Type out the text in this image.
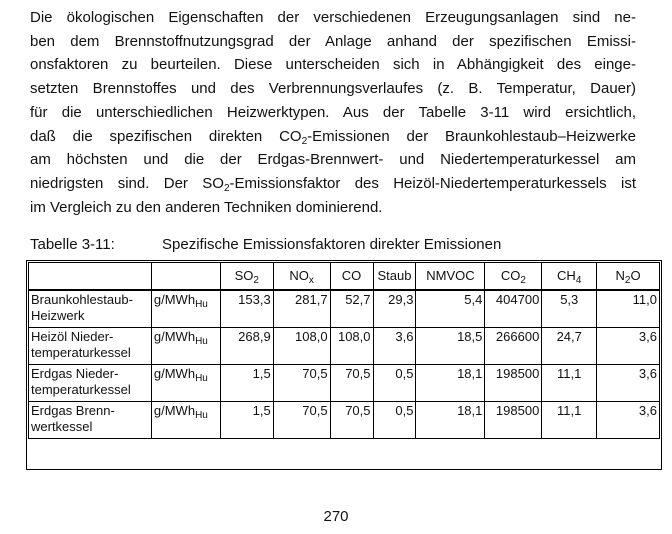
Die ökologischen Eigenschaften der verschiedenen Erzeugungsanlagen sind ne-
ben dem Brennstoffnutzungsgrad der Anlage anhand der spezifischen Emissi-
onsfaktoren zu beurteilen. Diese unterscheiden sich in Abhängigkeit des einge-
setzten Brennstoffes und des Verbrennungsverlaufes (z. B. Temperatur, Dauer)
für die unterschiedlichen Heizwerktypen. Aus der Tabelle 3-11 wird ersichtlich,
daß die spezifischen direkten $CO_2$-Emissionen der Braunkohlestaub–Heizwerke
am höchsten und die der Erdgas-Brennwert- und Niedertemperaturkessel am
niedrigsten sind. Der $SO_2$-Emissionsfaktor des Heizöl-Niedertemperaturkessels ist
im Vergleich zu den anderen Techniken dominierend.
Tabelle 3-11:	Spezifische Emissionsfaktoren direkter Emissionen
		$SO_2$	$NO_x$	CO	Staub	NMVOC	$CO_2$	$CH_4$	$N_2O$

Braunkohlestaub-
Heizwerk	g/MWh$_{Hu}$	153,3	281,7	52,7	29,3	5,4	404700	5,3	11,0

Heizöl Nieder-
temperaturkessel	g/MWh$_{Hu}$	268,9	108,0	108,0	3,6	18,5	266600	24,7	3,6

Erdgas Nieder-
temperaturkessel	g/MWh$_{Hu}$	1,5	70,5	70,5	0,5	18,1	198500	11,1	3,6

Erdgas Brenn-
wertkessel	g/MWh$_{Hu}$	1,5	70,5	70,5	0,5	18,1	198500	11,1	3,6
270
